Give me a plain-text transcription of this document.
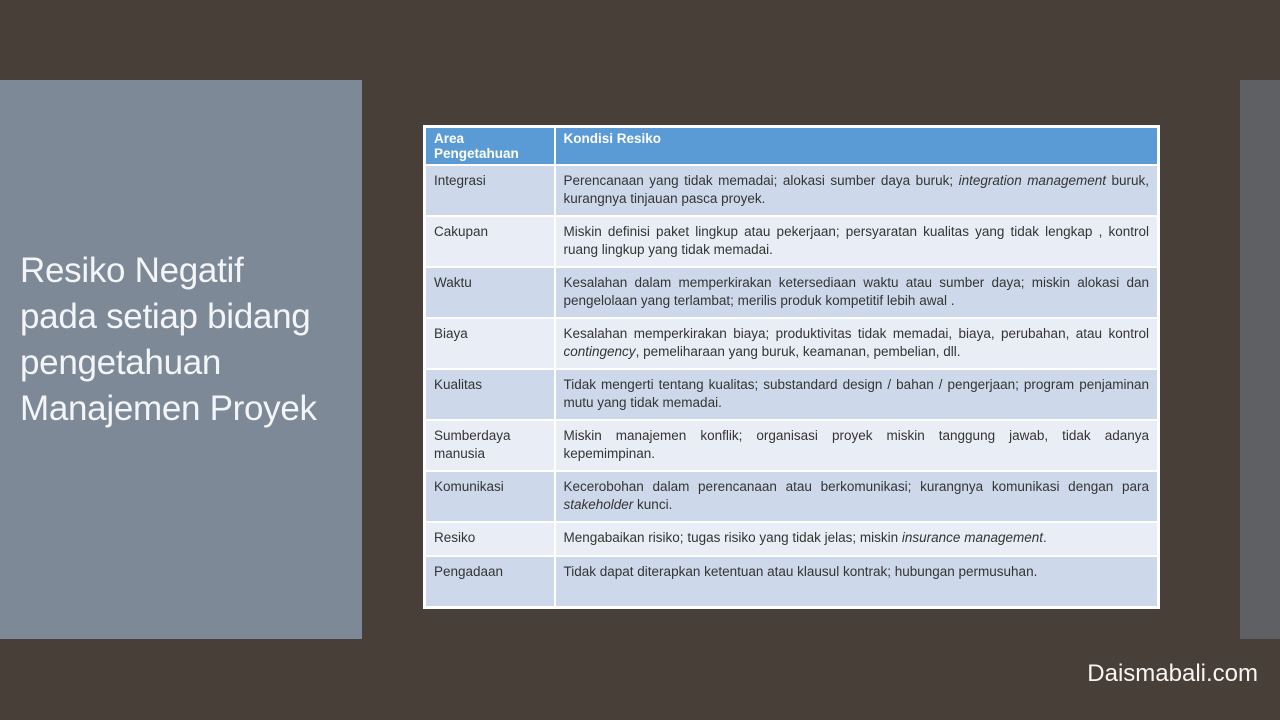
Resiko Negatif
pada setiap bidang
pengetahuan
Manajemen Proyek
Area Pengetahuan	Kondisi Resiko
Integrasi	Perencanaan yang tidak memadai; alokasi sumber daya buruk; integration management buruk, kurangnya tinjauan pasca proyek.
Cakupan	Miskin definisi paket lingkup atau pekerjaan; persyaratan kualitas yang tidak lengkap , kontrol ruang lingkup yang tidak memadai.
Waktu	Kesalahan dalam memperkirakan ketersediaan waktu atau sumber daya; miskin alokasi dan pengelolaan yang terlambat; merilis produk kompetitif lebih awal .
Biaya	Kesalahan memperkirakan biaya; produktivitas tidak memadai, biaya, perubahan, atau kontrol contingency, pemeliharaan yang buruk, keamanan, pembelian, dll.
Kualitas	Tidak mengerti tentang kualitas; substandard design / bahan / pengerjaan; program penjaminan mutu yang tidak memadai.
Sumberdaya manusia	Miskin manajemen konflik; organisasi proyek miskin tanggung jawab, tidak adanya kepemimpinan.
Komunikasi	Kecerobohan dalam perencanaan atau berkomunikasi; kurangnya komunikasi dengan para stakeholder kunci.
Resiko	Mengabaikan risiko; tugas risiko yang tidak jelas; miskin insurance management.
Pengadaan	Tidak dapat diterapkan ketentuan atau klausul kontrak; hubungan permusuhan.
Daismabali.com
